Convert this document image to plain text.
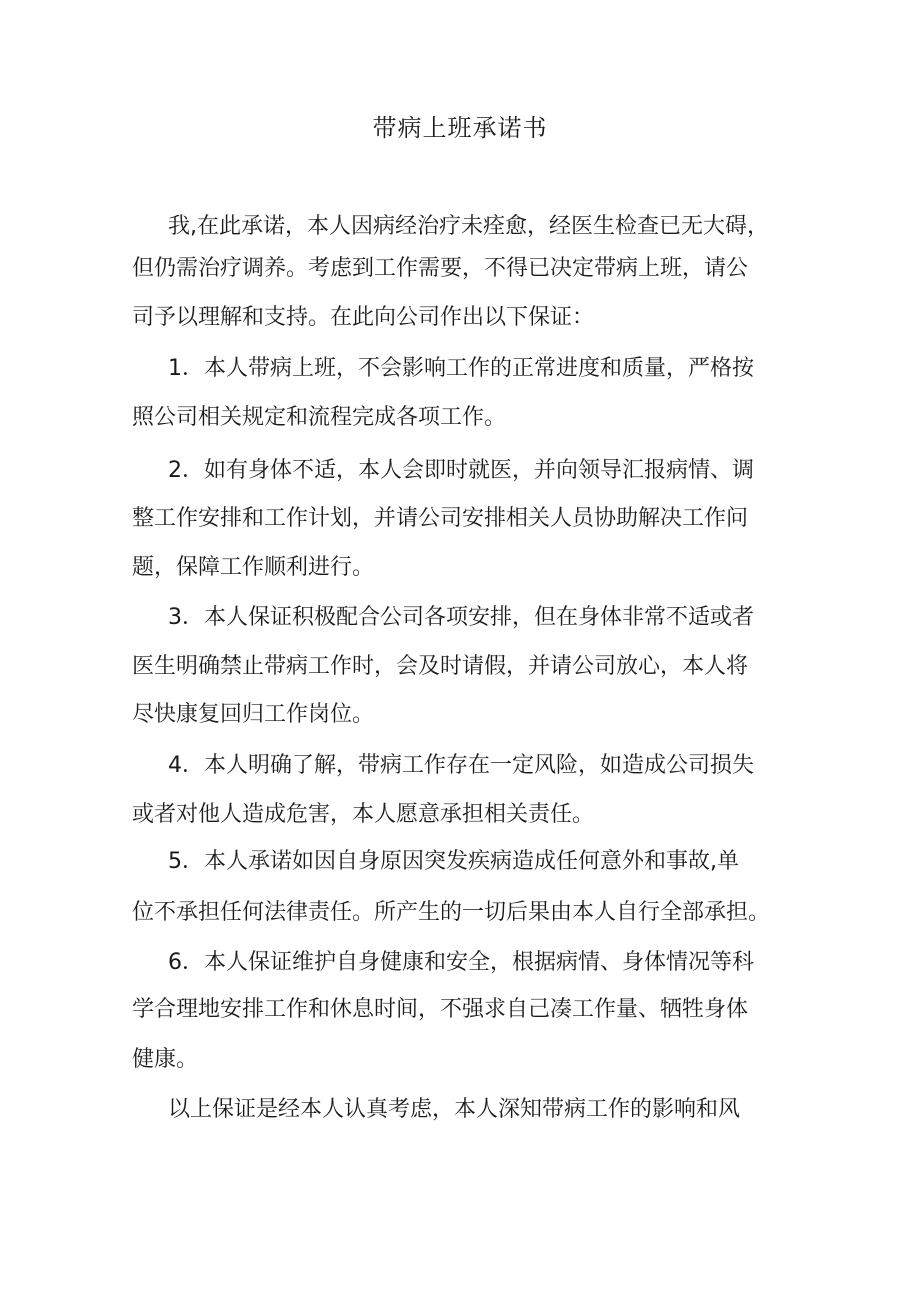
带病上班承诺书

我,在此承诺，本人因病经治疗未痊愈，经医生检查已无大碍，

但仍需治疗调养。考虑到工作需要，不得已决定带病上班，请公

司予以理解和支持。在此向公司作出以下保证：

1．本人带病上班，不会影响工作的正常进度和质量，严格按

照公司相关规定和流程完成各项工作。

2．如有身体不适，本人会即时就医，并向领导汇报病情、调

整工作安排和工作计划，并请公司安排相关人员协助解决工作问

题，保障工作顺利进行。

3．本人保证积极配合公司各项安排，但在身体非常不适或者

医生明确禁止带病工作时，会及时请假，并请公司放心，本人将

尽快康复回归工作岗位。

4．本人明确了解，带病工作存在一定风险，如造成公司损失

或者对他人造成危害，本人愿意承担相关责任。

5．本人承诺如因自身原因突发疾病造成任何意外和事故,单

位不承担任何法律责任。所产生的一切后果由本人自行全部承担。

6．本人保证维护自身健康和安全，根据病情、身体情况等科

学合理地安排工作和休息时间，不强求自己凑工作量、牺牲身体

健康。

以上保证是经本人认真考虑，本人深知带病工作的影响和风
